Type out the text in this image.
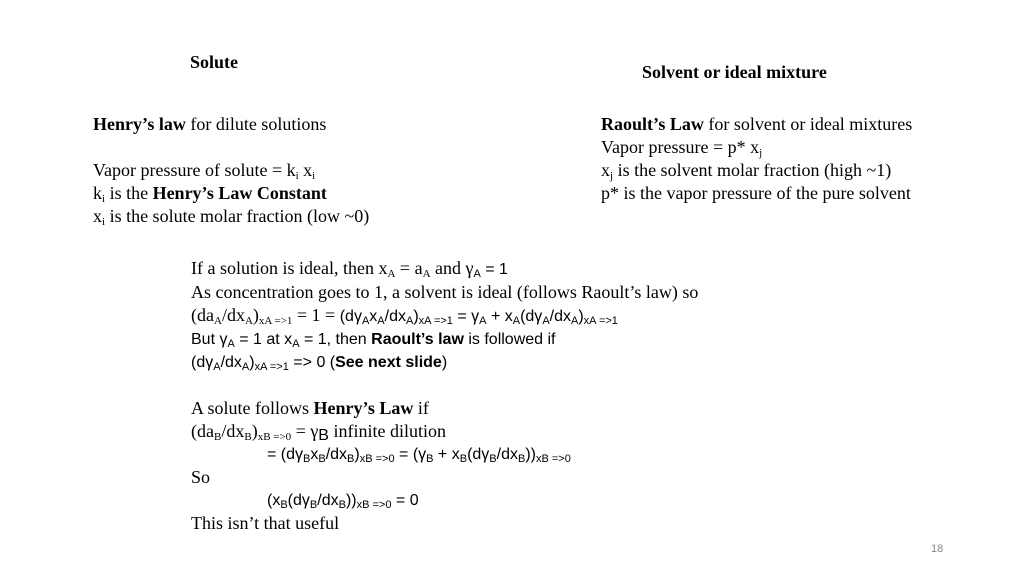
Solute	Solvent or ideal mixture
Henry’s law for dilute solutions
Vapor pressure of solute = $k_i$ $x_i$
$k_i$ is the Henry’s Law Constant
$x_i$ is the solute molar fraction (low ~0)
Raoult’s Law for solvent or ideal mixtures
Vapor pressure = p* $x_j$
$x_j$ is the solvent molar fraction (high ~1)
p* is the vapor pressure of the pure solvent
If a solution is ideal, then $x_A = a_A$ and $\gamma_A = 1$
As concentration goes to 1, a solvent is ideal (follows Raoult’s law) so
$(da_A/dx_A)_{xA =>1} = 1 = (d\gamma_Ax_A/dx_A)_{xA =>1} = \gamma_A + x_A(d\gamma_A/dx_A)_{xA =>1}$
But $\gamma_A = 1$ at $x_A = 1$, then Raoult’s law is followed if
$(d\gamma_A/dx_A)_{xA =>1} => 0$ (See next slide)
A solute follows Henry’s Law if
$(da_B/dx_B)_{xB =>0} = \gamma_B$ infinite dilution
= $(d\gamma_Bx_B/dx_B)_{xB =>0} = (\gamma_B + x_B(d\gamma_B/dx_B))_{xB =>0}$
So
$(x_B(d\gamma_B/dx_B))_{xB =>0} = 0$
This isn’t that useful
18
